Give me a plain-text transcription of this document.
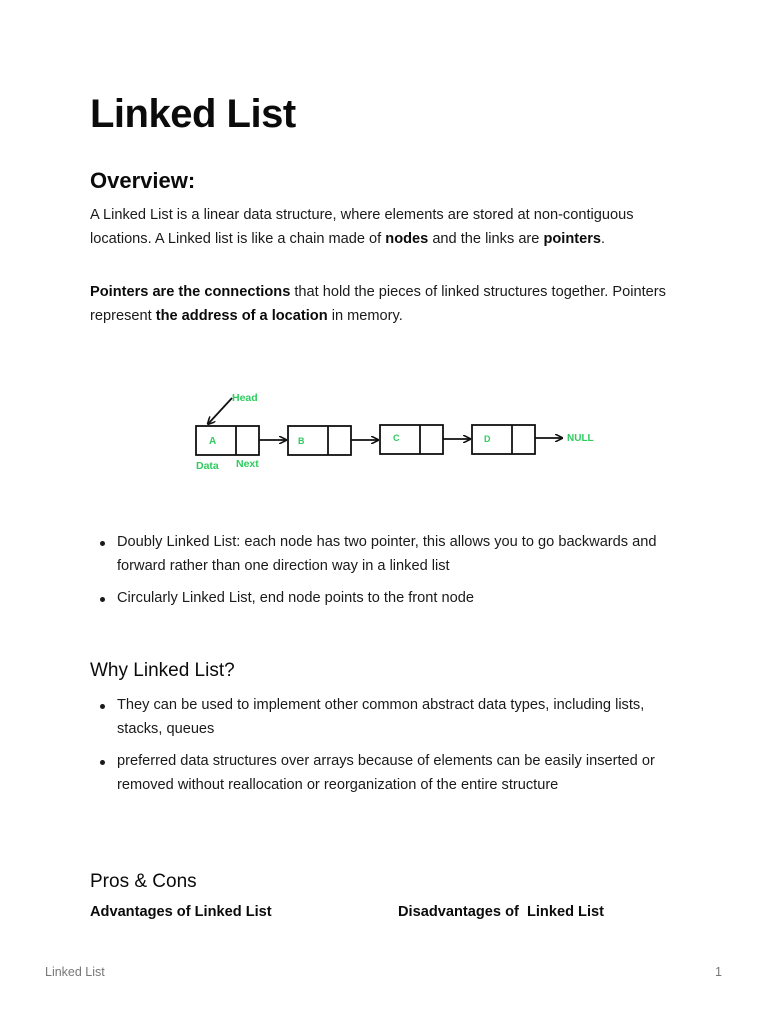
Linked List
Overview:

A Linked List is a linear data structure, where elements are stored at non-contiguous locations. A Linked list is like a chain made of nodes and the links are pointers.

Pointers are the connections that hold the pieces of linked structures together. Pointers represent the address of a location in memory.

Head
A	B	C	D	NULL
Data Next
Doubly Linked List: each node has two pointer, this allows you to go backwards and forward rather than one direction way in a linked list
Circularly Linked List, end node points to the front node
Why Linked List?
They can be used to implement other common abstract data types, including lists, stacks, queues
preferred data structures over arrays because of elements can be easily inserted or removed without reallocation or reorganization of the entire structure
Pros & Cons
Advantages of Linked List	Disadvantages of  Linked List
Linked List	1
